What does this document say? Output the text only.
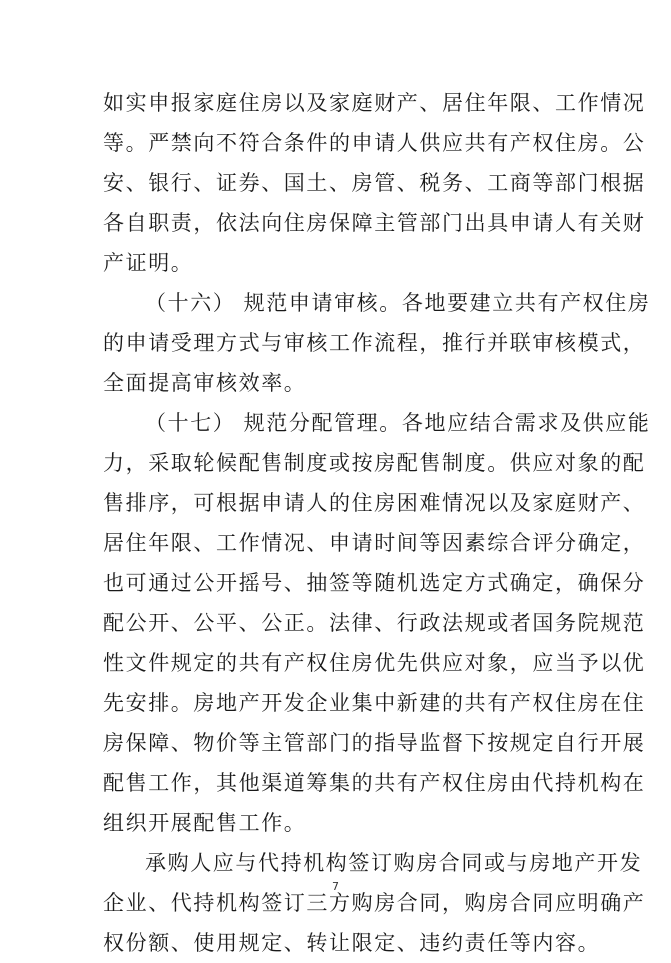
如实申报家庭住房以及家庭财产、居住年限、工作情况
等。严禁向不符合条件的申请人供应共有产权住房。公
安、银行、证券、国土、房管、税务、工商等部门根据
各自职责，依法向住房保障主管部门出具申请人有关财
产证明。
（十六） 规范申请审核。各地要建立共有产权住房
的申请受理方式与审核工作流程，推行并联审核模式，
全面提高审核效率。
（十七） 规范分配管理。各地应结合需求及供应能
力，采取轮候配售制度或按房配售制度。供应对象的配
售排序，可根据申请人的住房困难情况以及家庭财产、
居住年限、工作情况、申请时间等因素综合评分确定，
也可通过公开摇号、抽签等随机选定方式确定，确保分
配公开、公平、公正。法律、行政法规或者国务院规范
性文件规定的共有产权住房优先供应对象，应当予以优
先安排。房地产开发企业集中新建的共有产权住房在住
房保障、物价等主管部门的指导监督下按规定自行开展
配售工作，其他渠道筹集的共有产权住房由代持机构在
组织开展配售工作。
承购人应与代持机构签订购房合同或与房地产开发
企业、代持机构签订三方购房合同，购房合同应明确产
权份额、使用规定、转让限定、违约责任等内容。
7
